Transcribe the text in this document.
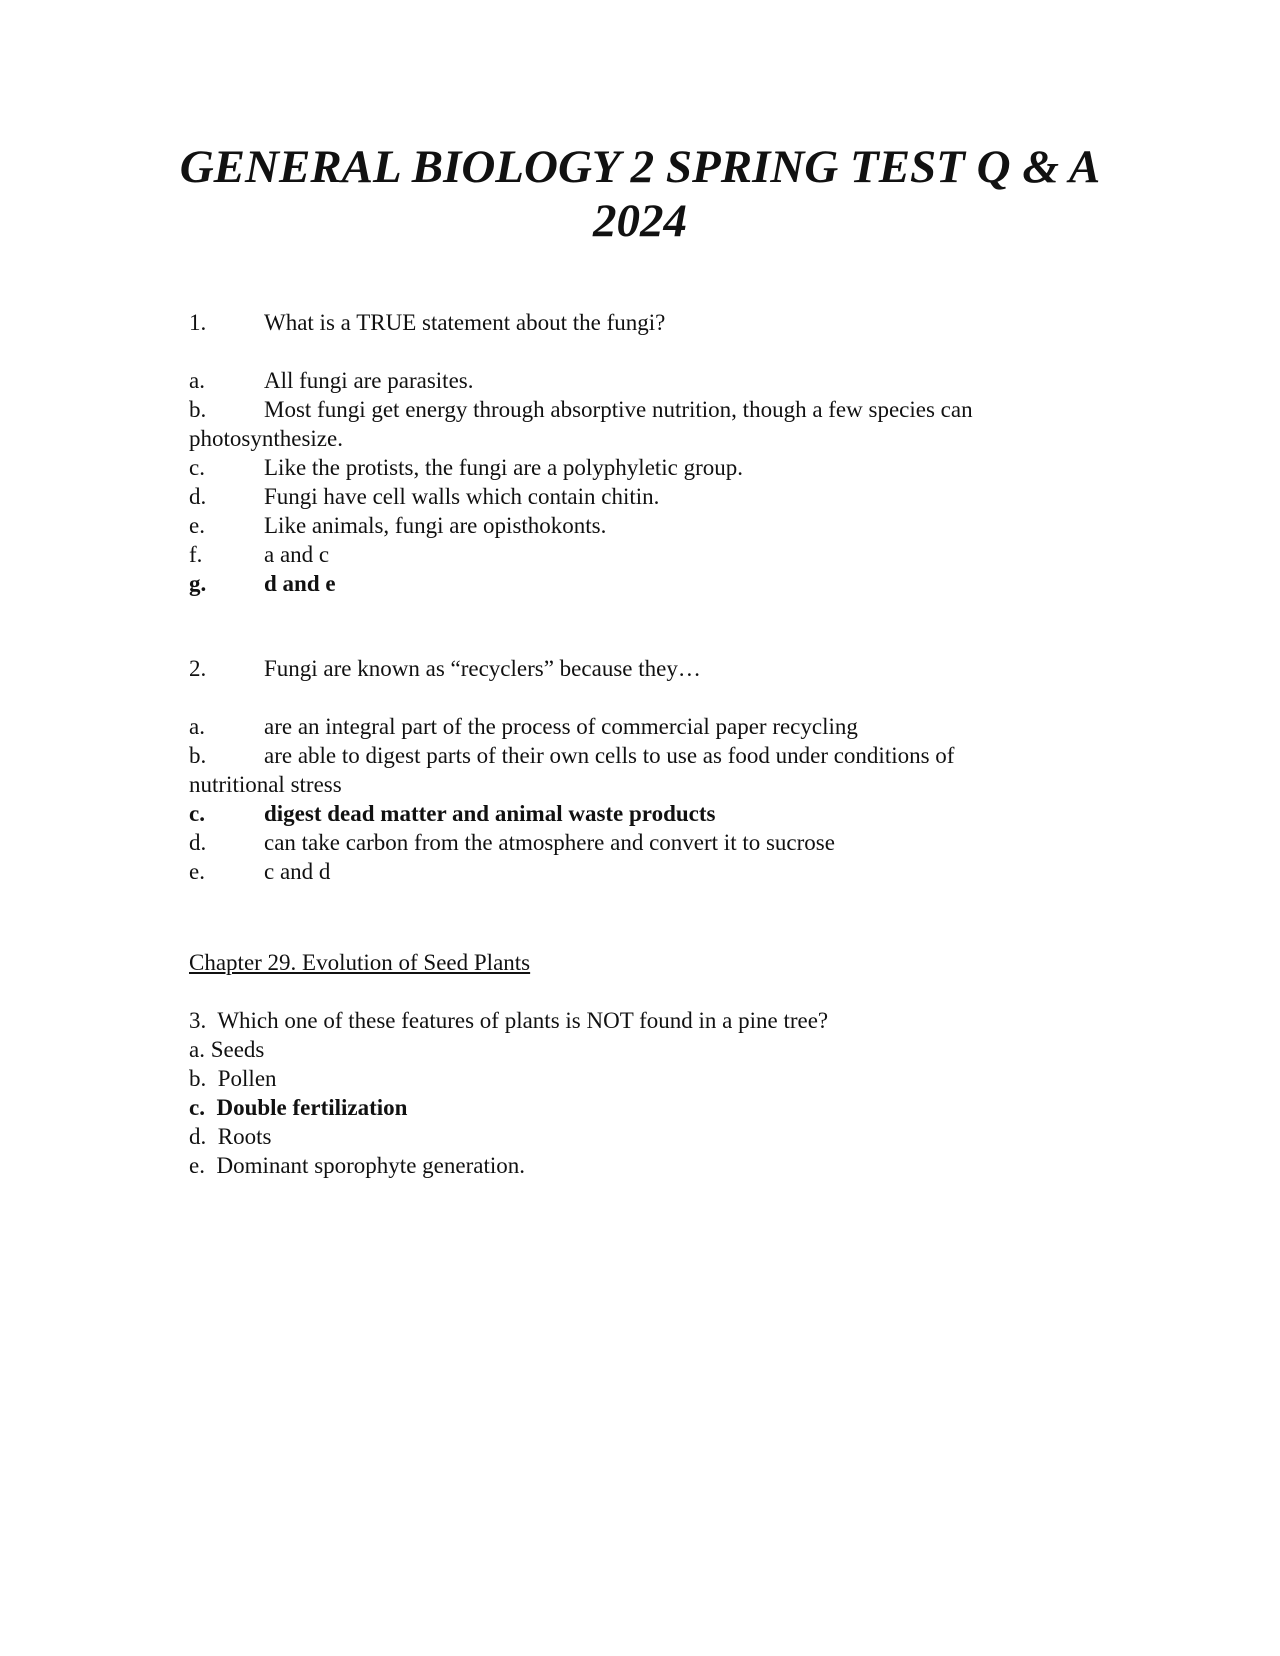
GENERAL BIOLOGY 2 SPRING TEST Q & A
2024
1.	What is a TRUE statement about the fungi?
a.	All fungi are parasites.
b.	Most fungi get energy through absorptive nutrition, though a few species can
photosynthesize.
c.	Like the protists, the fungi are a polyphyletic group.
d.	Fungi have cell walls which contain chitin.
e.	Like animals, fungi are opisthokonts.
f.	a and c
g.	d and e
2.	Fungi are known as “recyclers” because they…
a.	are an integral part of the process of commercial paper recycling
b.	are able to digest parts of their own cells to use as food under conditions of
nutritional stress
c.	digest dead matter and animal waste products
d.	can take carbon from the atmosphere and convert it to sucrose
e.	c and d
Chapter 29. Evolution of Seed Plants
3.  Which one of these features of plants is NOT found in a pine tree?
a. Seeds
b.  Pollen
c.  Double fertilization
d.  Roots
e.  Dominant sporophyte generation.
